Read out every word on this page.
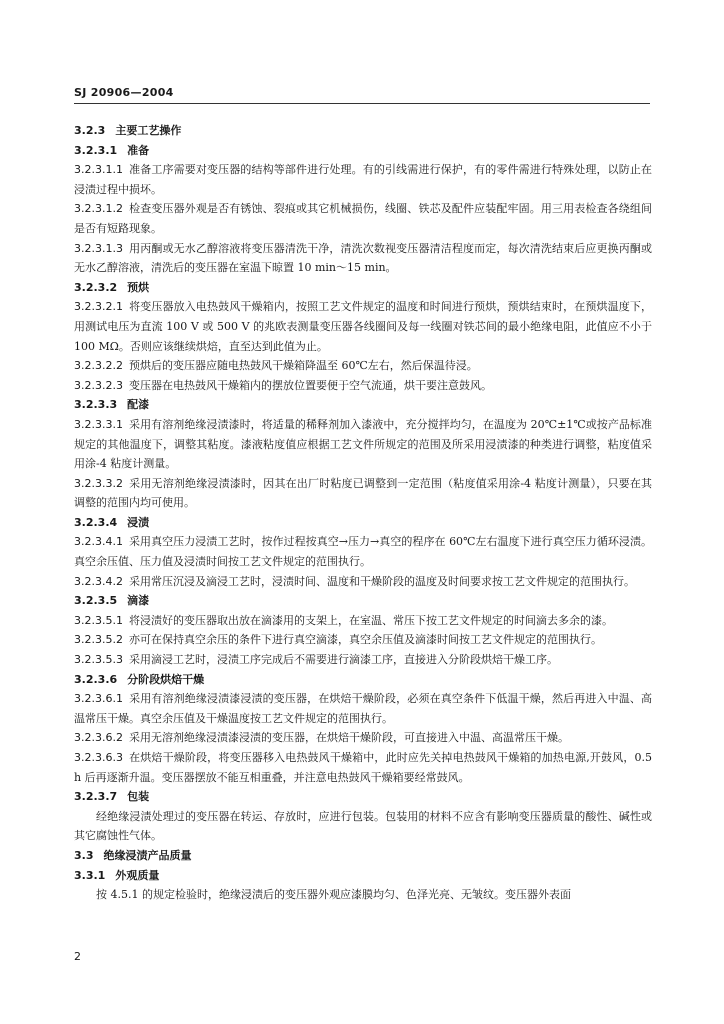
SJ 20906—2004

3.2.3 主要工艺操作

3.2.3.1 准备

3.2.3.1.1 准备工序需要对变压器的结构等部件进行处理。有的引线需进行保护，有的零件需进行特殊处理，以防止在浸渍过程中损坏。

3.2.3.1.2 检查变压器外观是否有锈蚀、裂痕或其它机械损伤，线圈、铁芯及配件应装配牢固。用三用表检查各绕组间是否有短路现象。

3.2.3.1.3 用丙酮或无水乙醇溶液将变压器清洗干净，清洗次数视变压器清洁程度而定，每次清洗结束后应更换丙酮或无水乙醇溶液，清洗后的变压器在室温下晾置 10 min～15 min。

3.2.3.2 预烘

3.2.3.2.1 将变压器放入电热鼓风干燥箱内，按照工艺文件规定的温度和时间进行预烘，预烘结束时，在预烘温度下，用测试电压为直流 100 V 或 500 V 的兆欧表测量变压器各线圈间及每一线圈对铁芯间的最小绝缘电阻，此值应不小于 100 MΩ。否则应该继续烘焙，直至达到此值为止。

3.2.3.2.2 预烘后的变压器应随电热鼓风干燥箱降温至 60℃左右，然后保温待浸。

3.2.3.2.3 变压器在电热鼓风干燥箱内的摆放位置要便于空气流通，烘干要注意鼓风。

3.2.3.3 配漆

3.2.3.3.1 采用有溶剂绝缘浸渍漆时，将适量的稀释剂加入漆液中，充分搅拌均匀，在温度为 20℃±1℃或按产品标准规定的其他温度下，调整其粘度。漆液粘度值应根据工艺文件所规定的范围及所采用浸渍漆的种类进行调整，粘度值采用涂-4 粘度计测量。

3.2.3.3.2 采用无溶剂绝缘浸渍漆时，因其在出厂时粘度已调整到一定范围（粘度值采用涂-4 粘度计测量），只要在其调整的范围内均可使用。

3.2.3.4 浸渍

3.2.3.4.1 采用真空压力浸渍工艺时，按作过程按真空→压力→真空的程序在 60℃左右温度下进行真空压力循环浸渍。真空余压值、压力值及浸渍时间按工艺文件规定的范围执行。

3.2.3.4.2 采用常压沉浸及滴浸工艺时，浸渍时间、温度和干燥阶段的温度及时间要求按工艺文件规定的范围执行。

3.2.3.5 滴漆

3.2.3.5.1 将浸渍好的变压器取出放在滴漆用的支架上，在室温、常压下按工艺文件规定的时间滴去多余的漆。

3.2.3.5.2 亦可在保持真空余压的条件下进行真空滴漆，真空余压值及滴漆时间按工艺文件规定的范围执行。

3.2.3.5.3 采用滴浸工艺时，浸渍工序完成后不需要进行滴漆工序，直接进入分阶段烘焙干燥工序。

3.2.3.6 分阶段烘焙干燥

3.2.3.6.1 采用有溶剂绝缘浸渍漆浸渍的变压器，在烘焙干燥阶段，必须在真空条件下低温干燥，然后再进入中温、高温常压干燥。真空余压值及干燥温度按工艺文件规定的范围执行。

3.2.3.6.2 采用无溶剂绝缘浸渍漆浸渍的变压器，在烘焙干燥阶段，可直接进入中温、高温常压干燥。

3.2.3.6.3 在烘焙干燥阶段，将变压器移入电热鼓风干燥箱中，此时应先关掉电热鼓风干燥箱的加热电源,开鼓风，0.5 h 后再逐渐升温。变压器摆放不能互相重叠，并注意电热鼓风干燥箱要经常鼓风。

3.2.3.7 包装

经绝缘浸渍处理过的变压器在转运、存放时，应进行包装。包装用的材料不应含有影响变压器质量的酸性、碱性或其它腐蚀性气体。

3.3 绝缘浸渍产品质量

3.3.1 外观质量

按 4.5.1 的规定检验时，绝缘浸渍后的变压器外观应漆膜均匀、色泽光亮、无皱纹。变压器外表面

2
